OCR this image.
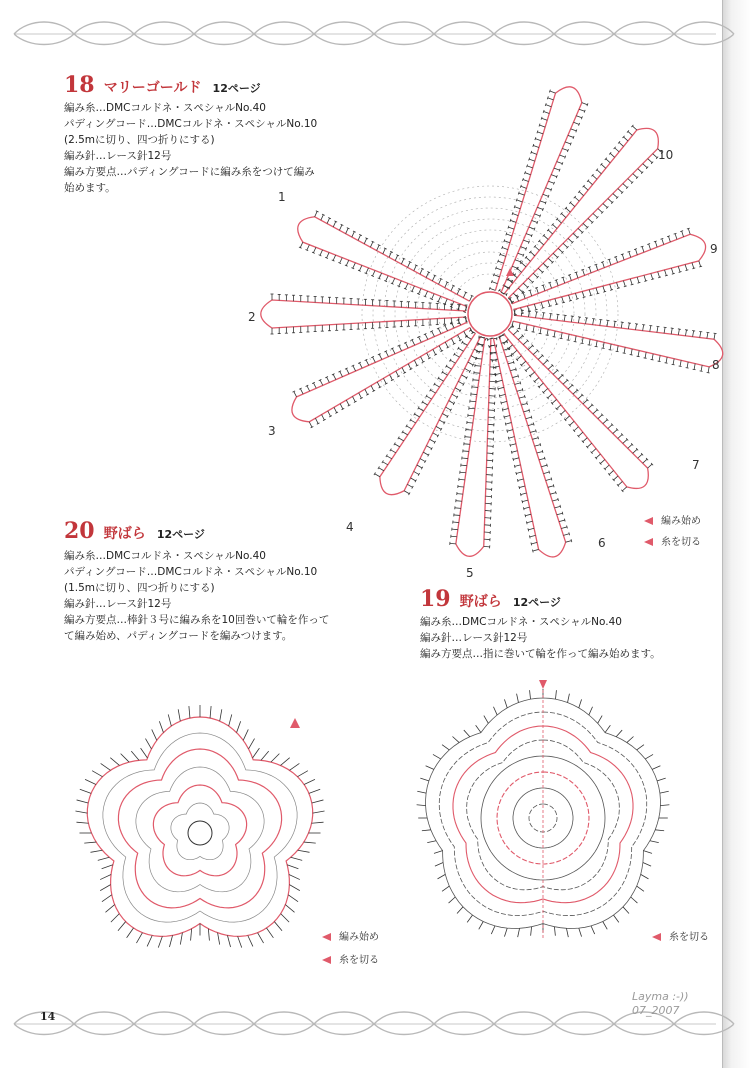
18 マリーゴールド 12ページ
編み糸…DMCコルドネ・スペシャルNo.40
パディングコード…DMCコルドネ・スペシャルNo.10
(2.5mに切り、四つ折りにする)
編み針…レース針12号
編み方要点…パディングコードに編み糸をつけて編み
始めます。
1
2
3
4
5
6
7
8
9
10
編み始め
糸を切る
20 野ばら 12ページ
編み糸…DMCコルドネ・スペシャルNo.40
パディングコード…DMCコルドネ・スペシャルNo.10
(1.5mに切り、四つ折りにする)
編み針…レース針12号
編み方要点…棒針３号に編み糸を10回巻いて輪を作って
て編み始め、パディングコードを編みつけます。
編み始め
糸を切る
19 野ばら 12ページ
編み糸…DMCコルドネ・スペシャルNo.40
編み針…レース針12号
編み方要点…指に巻いて輪を作って編み始めます。
糸を切る
14
Layma :-))
07_2007
